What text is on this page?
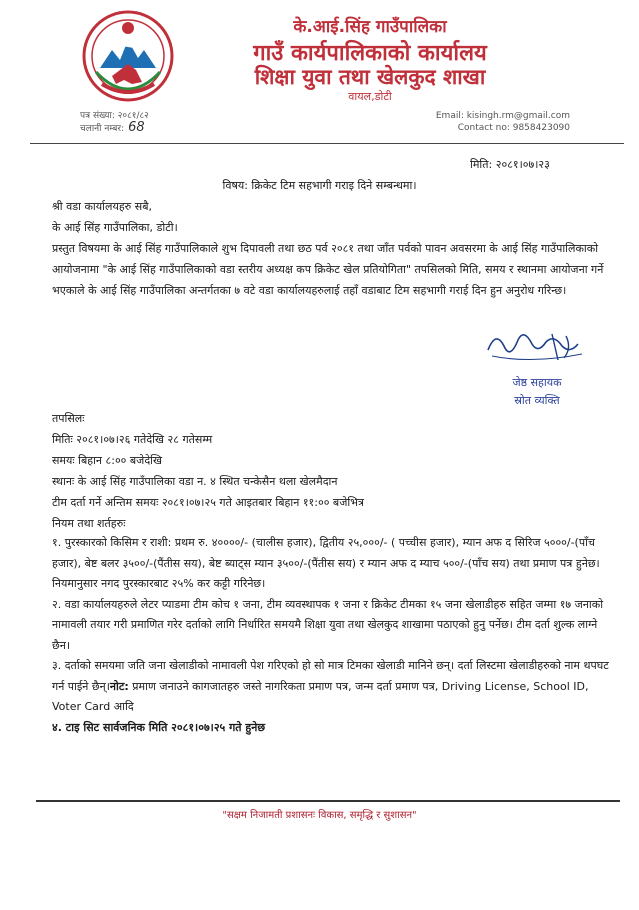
के.आई.सिंह गाउँपालिका
गाउँ कार्यपालिकाको कार्यालय
शिक्षा युवा तथा खेलकुद शाखा
वायल,डोटी
पत्र संख्या: २०८१/८२
चलानी नम्बर: 68
Email: kisingh.rm@gmail.com
Contact no: 9858423090
मिति: २०८१।०७।२३
विषय: क्रिकेट टिम सहभागी गराइ दिने सम्बन्धमा।
श्री वडा कार्यालयहरु सबै,
के आई सिंह गाउँपालिका, डोटी।
प्रस्तुत विषयमा के आई सिंह गाउँपालिकाले शुभ दिपावली तथा छठ पर्व २०८१ तथा जाँत पर्वको पावन अवसरमा के आई सिंह गाउँपालिकाको आयोजनामा "के आई सिंह गाउँपालिकाको वडा स्तरीय अध्यक्ष कप क्रिकेट खेल प्रतियोगिता" तपसिलको मिति, समय र स्थानमा आयोजना गर्ने भएकाले के आई सिंह गाउँपालिका अन्तर्गतका ७ वटे वडा कार्यालयहरुलाई तहाँ वडाबाट टिम सहभागी गराई दिन हुन अनुरोध गरिन्छ।
जेष्ठ सहायक
स्रोत व्यक्ति
तपसिलः
मितिः २०८१।०७।२६ गतेदेखि २८ गतेसम्म
समयः बिहान ८:०० बजेदेखि
स्थानः के आई सिंह गाउँपालिका वडा न. ४ स्थित चन्केसैन थला खेलमैदान
टीम दर्ता गर्ने अन्तिम समयः २०८१।०७।२५ गते आइतबार बिहान ११:०० बजेभित्र
नियम तथा शर्तहरुः

१. पुरस्कारको किसिम र राशी: प्रथम रु. ४००००/- (चालीस हजार), द्वितीय २५,०००/- ( पच्चीस हजार), म्यान अफ द सिरिज ५०००/-(पाँच हजार), बेष्ट बलर ३५००/-(पैंतीस सय), बेष्ट ब्याट्स म्यान ३५००/-(पैंतीस सय) र म्यान अफ द म्याच ५००/-(पाँच सय) तथा प्रमाण पत्र हुनेछ। नियमानुसार नगद पुरस्कारबाट २५% कर कट्टी गरिनेछ।

२. वडा कार्यालयहरुले लेटर प्याडमा टीम कोच १ जना, टीम व्यवस्थापक १ जना र क्रिकेट टीमका १५ जना खेलाडीहरु सहित जम्मा १७ जनाको नामावली तयार गरी प्रमाणित गरेर दर्ताको लागि निर्धारित समयमै शिक्षा युवा तथा खेलकुद शाखामा पठाएको हुनु पर्नेछ। टीम दर्ता शुल्क लाग्ने छैन।

३. दर्ताको समयमा जति जना खेलाडीको नामावली पेश गरिएको हो सो मात्र टिमका खेलाडी मानिने छन्। दर्ता लिस्टमा खेलाडीहरुको नाम थपघट गर्न पाईने छैन्।नोट: प्रमाण जनाउने कागजातहरु जस्ते नागरिकता प्रमाण पत्र, जन्म दर्ता प्रमाण पत्र, Driving License, School ID, Voter Card आदि

४. टाइ सिट सार्वजनिक मिति २०८१।०७।२५ गते हुनेछ

"सक्षम निजामती प्रशासनः विकास, समृद्धि र सुशासन"
